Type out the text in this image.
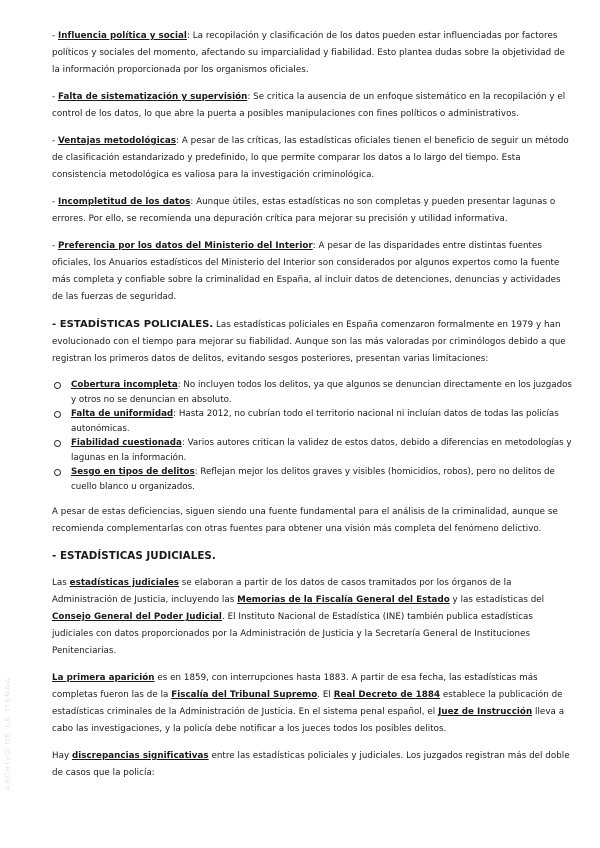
- Influencia política y social: La recopilación y clasificación de los datos pueden estar influenciadas por factores políticos y sociales del momento, afectando su imparcialidad y fiabilidad. Esto plantea dudas sobre la objetividad de la información proporcionada por los organismos oficiales.

- Falta de sistematización y supervisión: Se critica la ausencia de un enfoque sistemático en la recopilación y el control de los datos, lo que abre la puerta a posibles manipulaciones con fines políticos o administrativos.

- Ventajas metodológicas: A pesar de las críticas, las estadísticas oficiales tienen el beneficio de seguir un método de clasificación estandarizado y predefinido, lo que permite comparar los datos a lo largo del tiempo. Esta consistencia metodológica es valiosa para la investigación criminológica.

- Incompletitud de los datos: Aunque útiles, estas estadísticas no son completas y pueden presentar lagunas o errores. Por ello, se recomienda una depuración crítica para mejorar su precisión y utilidad informativa.

- Preferencia por los datos del Ministerio del Interior: A pesar de las disparidades entre distintas fuentes oficiales, los Anuarios estadísticos del Ministerio del Interior son considerados por algunos expertos como la fuente más completa y confiable sobre la criminalidad en España, al incluir datos de detenciones, denuncias y actividades de las fuerzas de seguridad.

- ESTADÍSTICAS POLICIALES. Las estadísticas policiales en España comenzaron formalmente en 1979 y han evolucionado con el tiempo para mejorar su fiabilidad. Aunque son las más valoradas por criminólogos debido a que registran los primeros datos de delitos, evitando sesgos posteriores, presentan varias limitaciones:

Cobertura incompleta: No incluyen todos los delitos, ya que algunos se denuncian directamente en los juzgados y otros no se denuncian en absoluto.
Falta de uniformidad: Hasta 2012, no cubrían todo el territorio nacional ni incluían datos de todas las policías autonómicas.
Fiabilidad cuestionada: Varios autores critican la validez de estos datos, debido a diferencias en metodologías y lagunas en la información.
Sesgo en tipos de delitos: Reflejan mejor los delitos graves y visibles (homicidios, robos), pero no delitos de cuello blanco u organizados.

A pesar de estas deficiencias, siguen siendo una fuente fundamental para el análisis de la criminalidad, aunque se recomienda complementarlas con otras fuentes para obtener una visión más completa del fenómeno delictivo.

- ESTADÍSTICAS JUDICIALES.

Las estadísticas judiciales se elaboran a partir de los datos de casos tramitados por los órganos de la Administración de Justicia, incluyendo las Memorias de la Fiscalía General del Estado y las estadísticas del Consejo General del Poder Judicial. El Instituto Nacional de Estadística (INE) también publica estadísticas judiciales con datos proporcionados por la Administración de Justicia y la Secretaría General de Instituciones Penitenciarias.

La primera aparición es en 1859, con interrupciones hasta 1883. A partir de esa fecha, las estadísticas más completas fueron las de la Fiscalía del Tribunal Supremo. El Real Decreto de 1884 establece la publicación de estadísticas criminales de la Administración de Justicia. En el sistema penal español, el Juez de Instrucción lleva a cabo las investigaciones, y la policía debe notificar a los jueces todos los posibles delitos.

Hay discrepancias significativas entre las estadísticas policiales y judiciales. Los juzgados registran más del doble de casos que la policía:

ARCHIVO DE LA TIENDA
